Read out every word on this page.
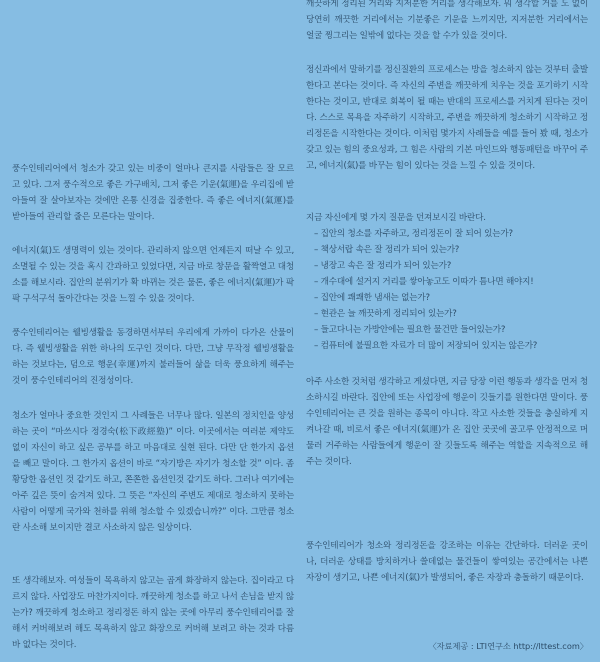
풍수인테리어에서 청소가 갖고 있는 비중이 얼마나 큰지를 사람들은 잘 모르고 있다. 그저 풍수적으로 좋은 가구배치, 그저 좋은 기운(氣運)을 우리집에 받아들여 잘 살아보자는 것에만 온통 신경을 집중한다. 즉 좋은 에너지(氣運)를 받아들여 관리할 줄은 모른다는 말이다.

에너지(氣)도 생명력이 있는 것이다. 관리하지 않으면 언제든지 떠날 수 있고, 소멸될 수 있는 것을 혹시 간과하고 있었다면, 지금 바로 창문을 활짝열고 대청소를 해보시라. 집안의 분위기가 확 바뀌는 것은 물론, 좋은 에너지(氣運)가 팍팍 구석구석 돌아간다는 것을 느낄 수 있을 것이다.

풍수인테리어는 웰빙생활을 동경하면서부터 우리에게 가까이 다가온 산물이다. 즉 웰빙생활을 위한 하나의 도구인 것이다. 다만, 그냥 무작정 웰빙생활을 하는 것보다는, 덤으로 행운(幸運)까지 불러들어 삶을 더욱 풍요하게 해주는 것이 풍수인테리어의 진정성이다.

청소가 얼마나 중요한 것인지 그 사례들은 너무나 많다. 일본의 정치인을 양성하는 곳이 “마쓰시다 정경숙(松下政經塾)” 이다. 이곳에서는 여러분 제약도 없이 자신이 하고 싶은 공부를 하고 마음대로 실현 된다. 다만 단 한가지 옵션을 빼고 말이다. 그 한가지 옵션이 바로 “자기방은 자기가 청소할 것” 이다. 좀 황당한 옵션인 것 같기도 하고, 쫀쫀한 옵션인것 같기도 하다. 그러나 여기에는 아주 깊은 뜻이 숨겨져 있다. 그 뜻은 “자신의 주변도 제대로 청소하지 못하는 사람이 어떻게 국가와 천하를 위해 청소할 수 있겠습니까?” 이다. 그만큼 청소란 사소해 보이지만 결코 사소하지 않은 일상이다.

또 생각해보자. 여성들이 목욕하지 않고는 곱게 화장하지 않는다. 집이라고 다르지 않다. 사업장도 마찬가지이다. 깨끗하게 청소를 하고 나서 손님을 받지 않는가? 깨끗하게 청소하고 정리정돈 하지 않는 곳에 아무리 풍수인테리어를 잘해서 커버해보려 해도 목욕하지 않고 화장으로 커버해 보려고 하는 것과 다름바 없다는 것이다.

깨끗하게 정리된 거리와 지저분한 거리를 생각해보자. 뭐 생각할 거를 도 없이 당연히 깨끗한 거리에서는 기분좋은 기운을 느끼지만, 지저분한 거리에서는 얼굴 찡그리는 일밖에 없다는 것을 할 수가 있을 것이다.

정신과에서 말하기를 정신질환의 프로세스는 방을 청소하지 않는 것부터 출발한다고 본다는 것이다. 즉 자신의 주변을 깨끗하게 치우는 것을 포기하기 시작한다는 것이고, 반대로 회복이 될 때는 반대의 프로세스를 거치게 된다는 것이다. 스스로 목욕을 자주하기 시작하고, 주변을 깨끗하게 청소하기 시작하고 정리정돈을 시작한다는 것이다. 이처럼 몇가지 사례들을 예를 들어 봤 때, 청소가 갖고 있는 힘의 중요성과, 그 힘은 사람의 기본 마인드와 행동패턴을 바꾸어 주고, 에너지(氣)를 바꾸는 힘이 있다는 것을 느낄 수 있을 것이다.

지금 자신에게 몇 가지 질문을 던져보시길 바란다.

– 집안의 청소를 자주하고, 정리정돈이 잘 되어 있는가?
– 책상서랍 속은 잘 정리가 되어 있는가?
– 냉장고 속은 잘 정리가 되어 있는가?
– 개수대에 설거지 거리를 쌓아놓고도 이따가 틈나면 해야지!
– 집안에 쾌쾌한 냄새는 없는가?
– 현관은 늘 깨끗하게 정리되어 있는가?
– 들고다니는 가방안에는 필요한 물건만 들어있는가?
– 컴퓨터에 불필요한 자료가 더 많이 저장되어 있지는 않은가?

아주 사소한 것처럼 생각하고 게셨다면, 지금 당장 이런 행동과 생각을 먼저 청소하시길 바란다. 집안에 또는 사업장에 행운이 깃들기를 원한다면 말이다. 풍수인테리어는 큰 것을 원하는 종목이 아니다. 작고 사소한 것들을 충실하게 지켜나갈 때, 비로서 좋은 에너지(氣運)가 온 집안 곳곳에 골고루 안정적으로 머물러 거주하는 사람들에게 행운이 잘 깃들도록 해주는 역할을 지속적으로 해주는 것이다.

풍수인테리어가 청소와 정리정돈을 강조하는 이유는 간단하다. 더러운 곳이나, 더러운 상태를 방치하거나 쓸데없는 물건들이 쌓여있는 공간에서는 나쁜 자장이 생기고, 나쁜 에너지(氣)가 발생되어, 좋은 자장과 충돌하기 때문이다.

〈자료제공 : LTI연구소 http://lttest.com〉
